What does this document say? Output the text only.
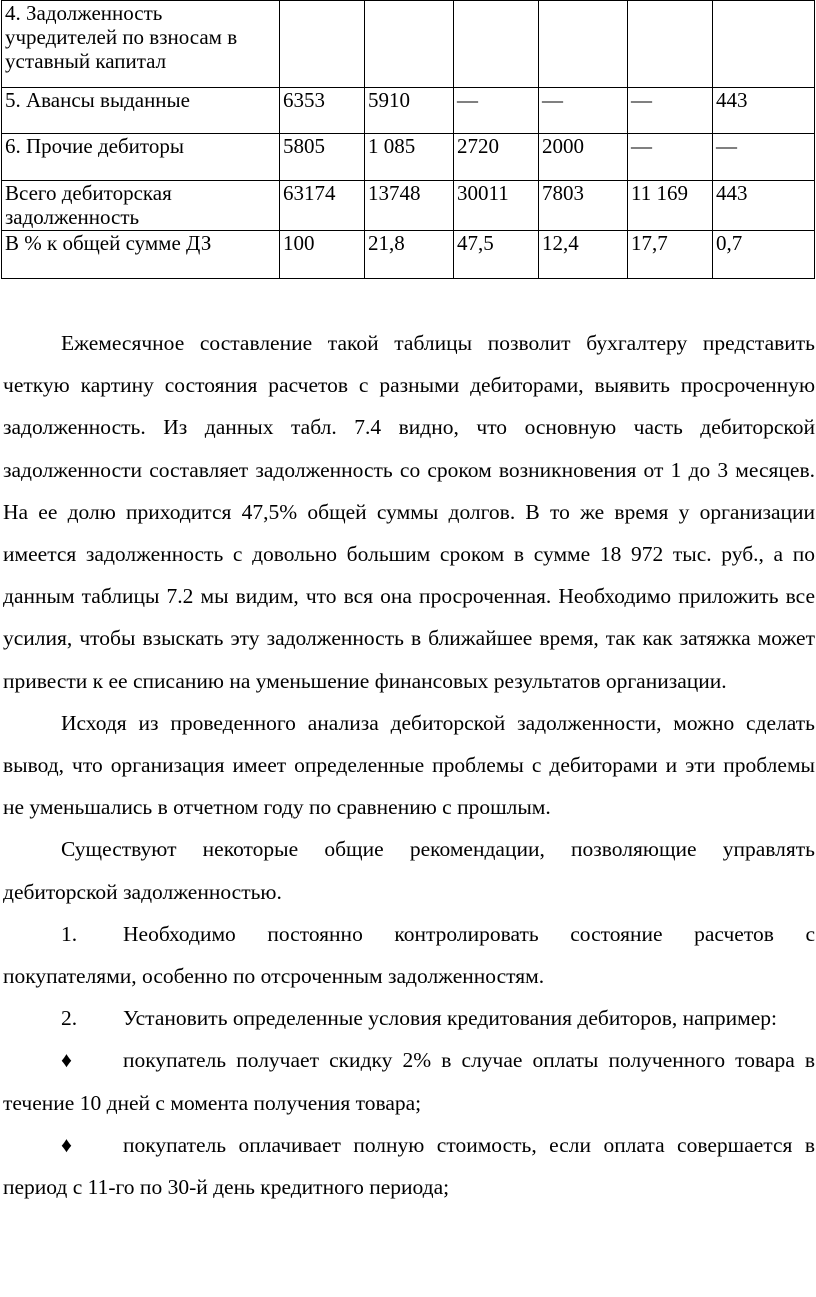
4. Задолженность учредителей по взносам в уставный капитал						
5. Авансы выданные	6353	5910	—	—	—	443
6. Прочие дебиторы	5805	1 085	2720	2000	—	—
Всего дебиторская задолженность	63174	13748	30011	7803	11 169	443
В % к общей сумме ДЗ	100	21,8	47,5	12,4	17,7	0,7

Ежемесячное составление такой таблицы позволит бухгалтеру представить четкую картину состояния расчетов с разными дебиторами, выявить просроченную задолженность. Из данных табл. 7.4 видно, что основную часть дебиторской задолженности составляет задолженность со сроком возникновения от 1 до 3 месяцев. На ее долю приходится 47,5% общей суммы долгов. В то же время у организации имеется задолженность с довольно большим сроком в сумме 18 972 тыс. руб., а по данным таблицы 7.2 мы видим, что вся она просроченная. Необходимо приложить все усилия, чтобы взыскать эту задолженность в ближайшее время, так как затяжка может привести к ее списанию на уменьшение финансовых результатов организации.

Исходя из проведенного анализа дебиторской задолженности, можно сделать вывод, что организация имеет определенные проблемы с дебиторами и эти проблемы не уменьшались в отчетном году по сравнению с прошлым.

Существуют некоторые общие рекомендации, позволяющие управлять дебиторской задолженностью.

1. Необходимо постоянно контролировать состояние расчетов с покупателями, особенно по отсроченным задолженностям.

2. Установить определенные условия кредитования дебиторов, например:

♦ покупатель получает скидку 2% в случае оплаты полученного товара в течение 10 дней с момента получения товара;

♦ покупатель оплачивает полную стоимость, если оплата совершается в период с 11-го по 30-й день кредитного периода;
